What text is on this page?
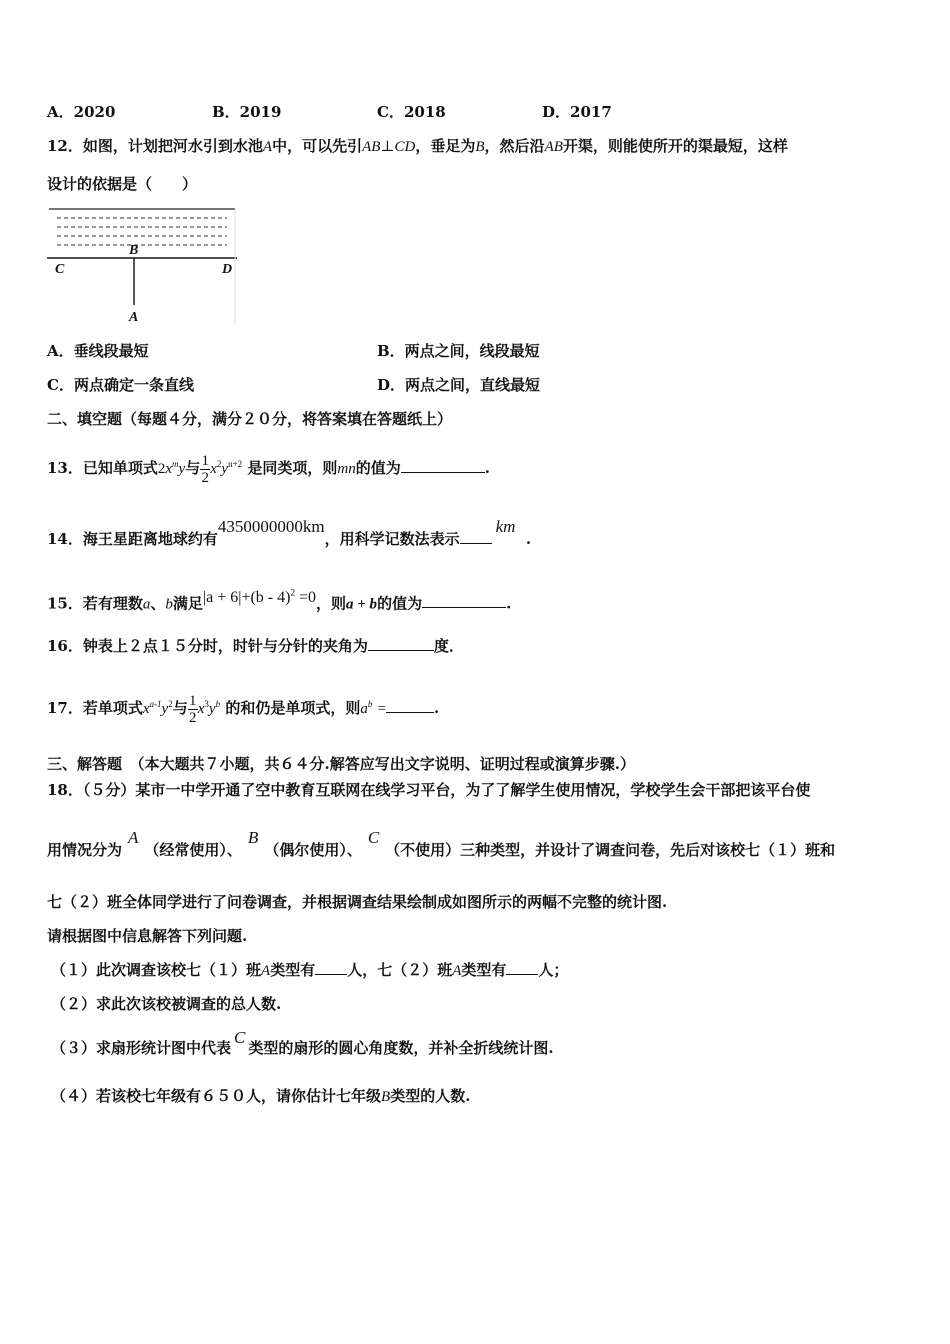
A．2020	B．2019	C．2018	D．2017
12．如图，计划把河水引到水池A中，可以先引AB⊥CD，垂足为B，然后沿AB开渠，则能使所开的渠最短，这样
设计的依据是（　　）
B
C	D
A
A．垂线段最短	B．两点之间，线段最短
C．两点确定一条直线	D．两点之间，直线最短
二、填空题（每题４分，满分２０分，将答案填在答题纸上）
13．已知单项式$2x^my$与 $\frac{1}{2} x^2y^{n+2}$ 是同类项，则mn的值为	.
14．海王星距离地球约有4350000000km，用科学记数法表示km  .
15．若有理数a、b满足|a + 6|+(b - 4)$^2$ =0，则a + b的值为	.
16．钟表上２点１５分时，时针与分针的夹角为	度．
17．若单项式$x^{a-1}y^2$与 $\frac{1}{2} x^3y^b$ 的和仍是单项式，则$a^b$ =	.
三、解答题　（本大题共７小题，共６４分.解答应写出文字说明、证明过程或演算步骤.）
18．（５分）某市一中学开通了空中教育互联网在线学习平台，为了了解学生使用情况，学校学生会干部把该平台使
用情况分为A（经常使用）、B（偶尔使用）、C（不使用）三种类型，并设计了调查问卷，先后对该校七（１）班和
七（２）班全体同学进行了问卷调查，并根据调查结果绘制成如图所示的两幅不完整的统计图.
请根据图中信息解答下列问题.
（１）此次调查该校七（１）班A类型有 人，七（２）班A类型有 人；
（２）求此次该校被调查的总人数.
（３）求扇形统计图中代表C类型的扇形的圆心角度数，并补全折线统计图.
（４）若该校七年级有６５０人，请你估计七年级B类型的人数.
